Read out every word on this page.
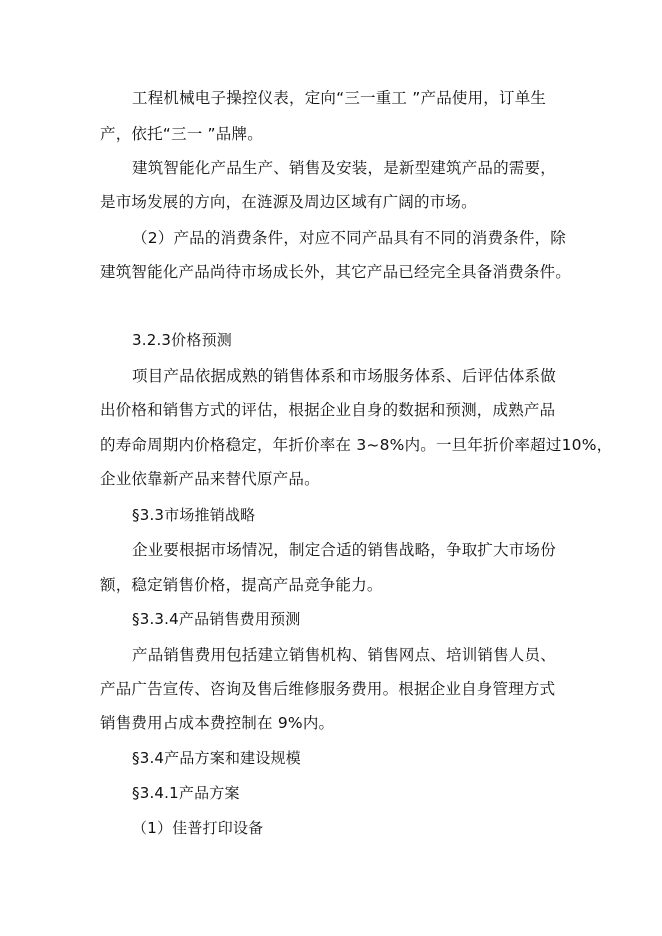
工程机械电子操控仪表，定向“三一重工 ”产品使用，订单生
产，依托“三一 ”品牌。
建筑智能化产品生产、销售及安装，是新型建筑产品的需要，
是市场发展的方向，在涟源及周边区域有广阔的市场。
（2）产品的消费条件，对应不同产品具有不同的消费条件，除
建筑智能化产品尚待市场成长外，其它产品已经完全具备消费条件。
3.2.3价格预测
项目产品依据成熟的销售体系和市场服务体系、后评估体系做
出价格和销售方式的评估，根据企业自身的数据和预测，成熟产品
的寿命周期内价格稳定，年折价率在 3~8%内。一旦年折价率超过10%，
企业依靠新产品来替代原产品。
§3.3市场推销战略
企业要根据市场情况，制定合适的销售战略，争取扩大市场份
额，稳定销售价格，提高产品竞争能力。
§3.3.4产品销售费用预测
产品销售费用包括建立销售机构、销售网点、培训销售人员、
产品广告宣传、咨询及售后维修服务费用。根据企业自身管理方式
销售费用占成本费控制在 9%内。
§3.4产品方案和建设规模
§3.4.1产品方案
（1）佳普打印设备
